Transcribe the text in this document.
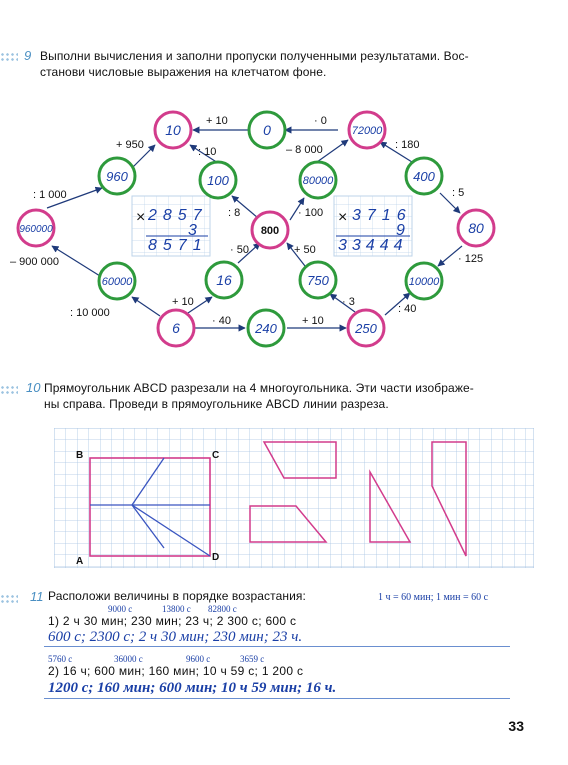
9 Выполни вычисления и заполни пропуски полученными результатами. Вос-
станови числовые выражения на клетчатом фоне.
10	0	72000
960	100	80000	400
960000	80
60000	16	750	10000
6	240	250
800
+ 10	· 0
+ 950
: 10	– 8 000	: 180
: 1 000
: 8	· 100
: 5
· 50	+ 50
– 900 000	· 125
+ 10	· 3
: 10 000
· 40	+ 10
: 40
× 2857
3
8571
× 3716
9
33444
10 Прямоугольник ABCD разрезали на 4 многоугольника. Эти части изображе-
ны справа. Проведи в прямоугольнике ABCD линии разреза.
B	C
A	D
11 Расположи величины в порядке возрастания:	1 ч = 60 мин; 1 мин = 60 с
9000 с	13800 с 82800 с
1) 2 ч 30 мин; 230 мин; 23 ч; 2 300 с; 600 с
600 с; 2300 с; 2 ч 30 мин; 230 мин; 23 ч.
5760 с	36000 с	9600 с	3659 с
2) 16 ч; 600 мин; 160 мин; 10 ч 59 с; 1 200 с
1200 с; 160 мин; 600 мин; 10 ч 59 мин; 16 ч.
33
